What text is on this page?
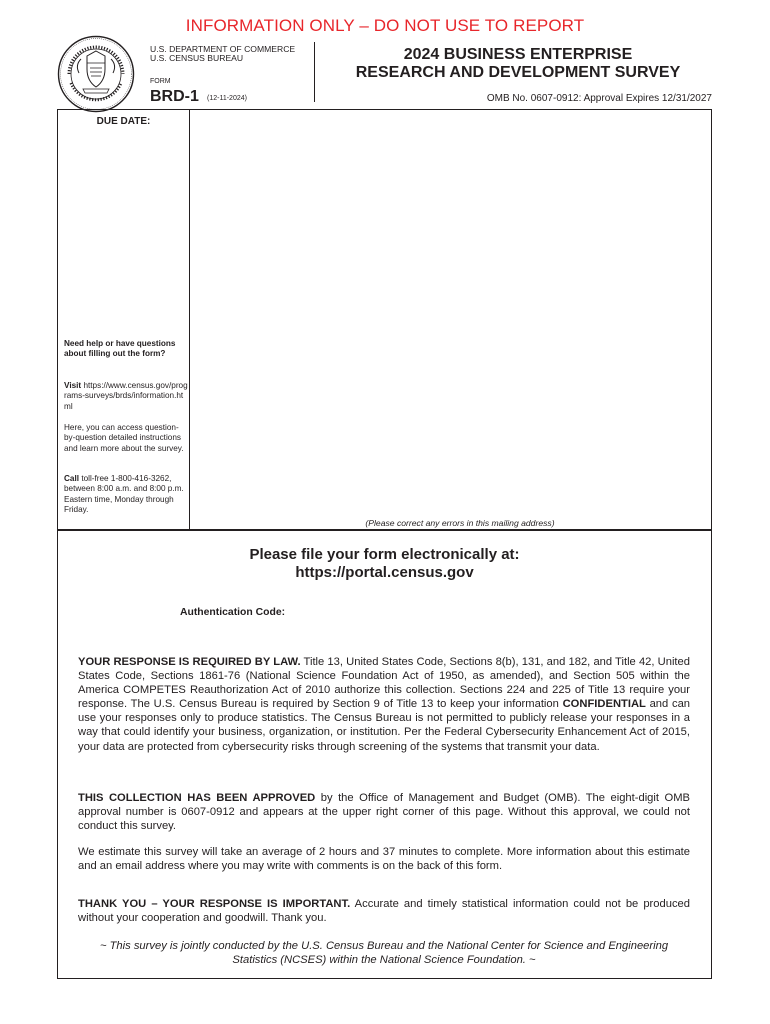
INFORMATION ONLY – DO NOT USE TO REPORT
U.S. DEPARTMENT OF COMMERCE
U.S. CENSUS BUREAU
FORM
BRD-1 (12-11-2024)
2024 BUSINESS ENTERPRISE
RESEARCH AND DEVELOPMENT SURVEY
OMB No. 0607-0912: Approval Expires 12/31/2027
DUE DATE:
Need help or have questions about filling out the form?
Visit https://www.census.gov/programs-surveys/brds/information.html
Here, you can access question-by-question detailed instructions and learn more about the survey.
Call toll-free 1-800-416-3262, between 8:00 a.m. and 8:00 p.m. Eastern time, Monday through Friday.
(Please correct any errors in this mailing address)
Please file your form electronically at:
https://portal.census.gov
Authentication Code:
YOUR RESPONSE IS REQUIRED BY LAW. Title 13, United States Code, Sections 8(b), 131, and 182, and Title 42, United States Code, Sections 1861-76 (National Science Foundation Act of 1950, as amended), and Section 505 within the America COMPETES Reauthorization Act of 2010 authorize this collection. Sections 224 and 225 of Title 13 require your response. The U.S. Census Bureau is required by Section 9 of Title 13 to keep your information CONFIDENTIAL and can use your responses only to produce statistics. The Census Bureau is not permitted to publicly release your responses in a way that could identify your business, organization, or institution. Per the Federal Cybersecurity Enhancement Act of 2015, your data are protected from cybersecurity risks through screening of the systems that transmit your data.
THIS COLLECTION HAS BEEN APPROVED by the Office of Management and Budget (OMB). The eight-digit OMB approval number is 0607-0912 and appears at the upper right corner of this page. Without this approval, we could not conduct this survey.
We estimate this survey will take an average of 2 hours and 37 minutes to complete. More information about this estimate and an email address where you may write with comments is on the back of this form.
THANK YOU – YOUR RESPONSE IS IMPORTANT. Accurate and timely statistical information could not be produced without your cooperation and goodwill. Thank you.
~ This survey is jointly conducted by the U.S. Census Bureau and the National Center for Science and Engineering Statistics (NCSES) within the National Science Foundation. ~
